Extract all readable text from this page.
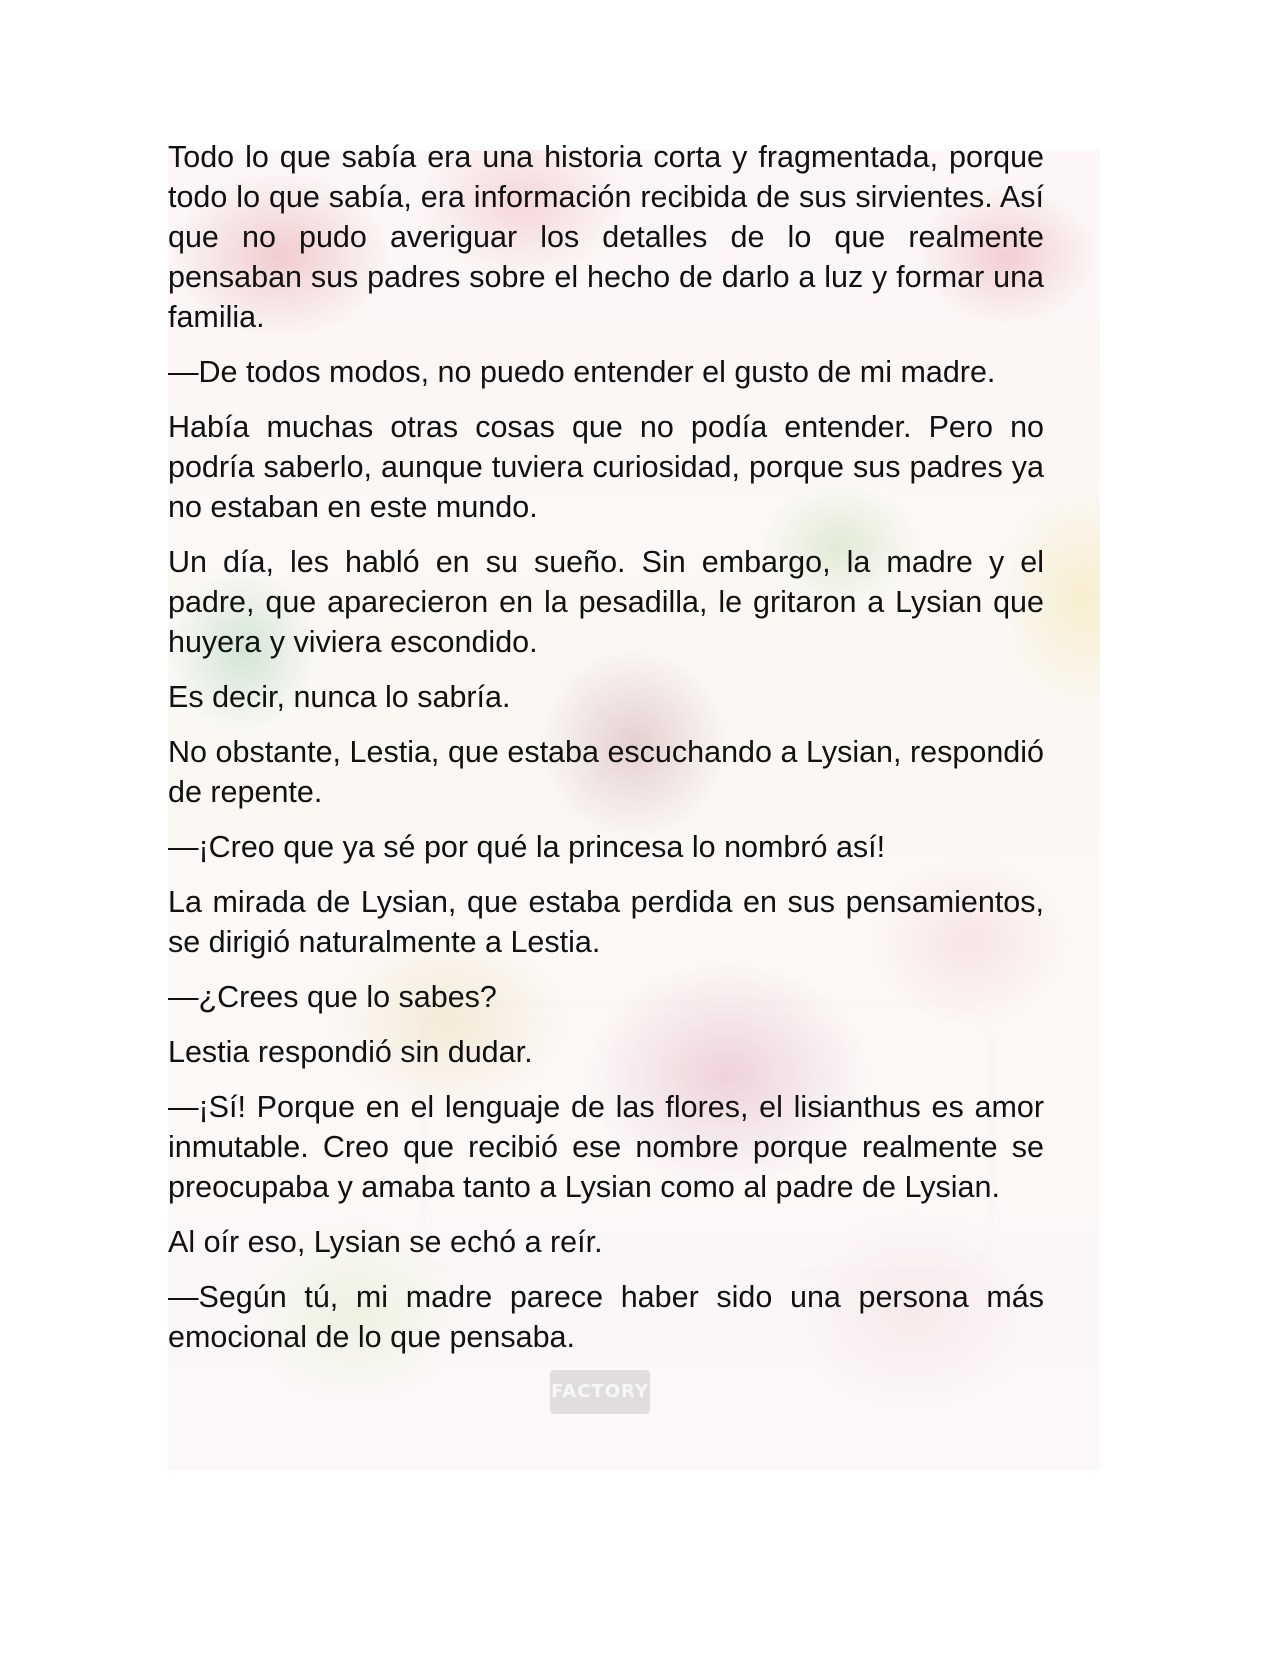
FACTORY

Todo lo que sabía era una historia corta y fragmentada, porque todo lo que sabía, era información recibida de sus sirvientes. Así que no pudo averiguar los detalles de lo que realmente pensaban sus padres sobre el hecho de darlo a luz y formar una familia.

—De todos modos, no puedo entender el gusto de mi madre.

Había muchas otras cosas que no podía entender. Pero no podría saberlo, aunque tuviera curiosidad, porque sus padres ya no estaban en este mundo.

Un día, les habló en su sueño. Sin embargo, la madre y el padre, que aparecieron en la pesadilla, le gritaron a Lysian que huyera y viviera escondido.

Es decir, nunca lo sabría.

No obstante, Lestia, que estaba escuchando a Lysian, respondió de repente.

—¡Creo que ya sé por qué la princesa lo nombró así!

La mirada de Lysian, que estaba perdida en sus pensamientos, se dirigió naturalmente a Lestia.

—¿Crees que lo sabes?

Lestia respondió sin dudar.

—¡Sí! Porque en el lenguaje de las flores, el lisianthus es amor inmutable. Creo que recibió ese nombre porque realmente se preocupaba y amaba tanto a Lysian como al padre de Lysian.

Al oír eso, Lysian se echó a reír.

—Según tú, mi madre parece haber sido una persona más emocional de lo que pensaba.
